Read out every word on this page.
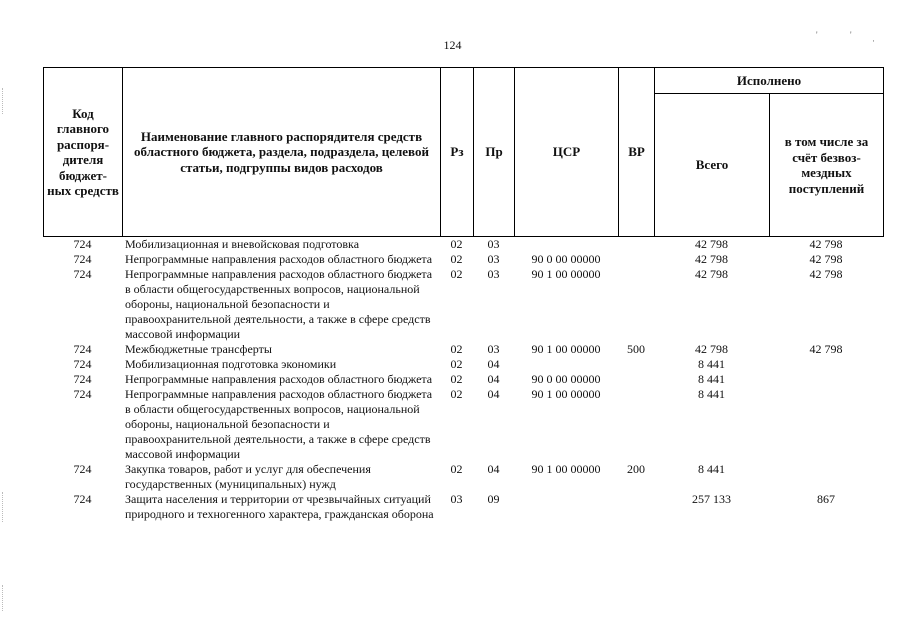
124
'	'
·
Код главного распоря-дителя бюджет-ных средств	Наименование главного распорядителя средств областного бюджета, раздела, подраздела, целевой статьи, подгруппы видов расходов	Рз	Пр	ЦСР	ВР	Исполнено	
						Всего	в том числе за счёт безвоз-мездных поступлений
724	Мобилизационная и вневойсковая подготовка	02	03			42 798	42 798
724	Непрограммные направления расходов областного бюджета	02	03	90 0 00 00000		42 798	42 798
724	Непрограммные направления расходов областного бюджета в области общегосударственных вопросов, национальной обороны, национальной безопасности и правоохранительной деятельности, а также в сфере средств массовой информации	02	03	90 1 00 00000		42 798	42 798
724	Межбюджетные трансферты	02	03	90 1 00 00000	500	42 798	42 798
724	Мобилизационная подготовка экономики	02	04			8 441	
724	Непрограммные направления расходов областного бюджета	02	04	90 0 00 00000		8 441	
724	Непрограммные направления расходов областного бюджета в области общегосударственных вопросов, национальной обороны, национальной безопасности и правоохранительной деятельности, а также в сфере средств массовой информации	02	04	90 1 00 00000		8 441	
724	Закупка товаров, работ и услуг для обеспечения государственных (муниципальных) нужд	02	04	90 1 00 00000	200	8 441	
724	Защита населения и территории от чрезвычайных ситуаций природного и техногенного характера, гражданская оборона	03	09			257 133	867
